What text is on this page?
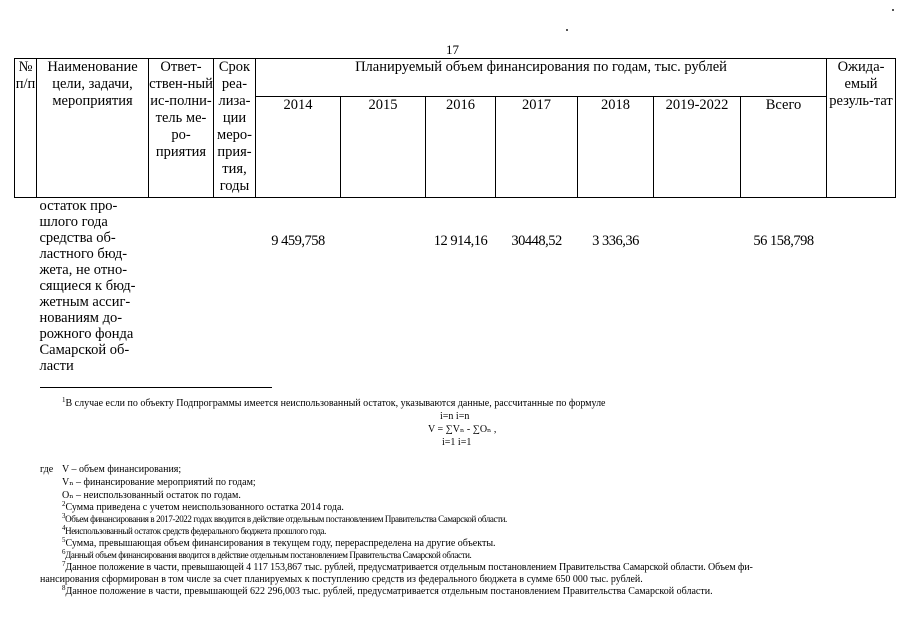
17
№ п/п	Наименование цели, задачи, мероприятия	Ответ-ствен-ный ис-полни-тель ме-ро-приятия	Срок реа-лиза-ции меро-прия-тия, годы	Планируемый объем финансирования по годам, тыс. рублей							Ожида-емый резуль-тат
				2014	2015	2016	2017	2018	2019-2022	Всего	
	остаток про-шлого года средства об-ластного бюд-жета, не отно-сящиеся к бюд-жетным ассиг-нованиям до-рожного фонда Самарской об-ласти			9 459,758		12 914,16	30448,52	3 336,36		56 158,798	
$^1$В случае если по объекту Подпрограммы имеется неиспользованный остаток, указываются данные, рассчитанные по формуле
i=n i=n
V = ∑Vₙ - ∑Oₙ ,
i=1 i=1
где V – объем финансирования;
Vₙ – финансирование мероприятий по годам;
Oₙ – неиспользованный остаток по годам.
$^2$Сумма приведена с учетом неиспользованного остатка 2014 года.
$^3$Объем финансирования в 2017-2022 годах вводится в действие отдельным постановлением Правительства Самарской области.
$^4$Неиспользованный остаток средств федерального бюджета прошлого года.
$^5$Сумма, превышающая объем финансирования в текущем году, перераспределена на другие объекты.
$^6$Данный объем финансирования вводится в действие отдельным постановлением Правительства Самарской области.
$^7$Данное положение в части, превышающей 4 117 153,867 тыс. рублей, предусматривается отдельным постановлением Правительства Самарской области. Объем фи-
нансирования сформирован в том числе за счет планируемых к поступлению средств из федерального бюджета в сумме 650 000 тыс. рублей.
$^8$Данное положение в части, превышающей 622 296,003 тыс. рублей, предусматривается отдельным постановлением Правительства Самарской области.
